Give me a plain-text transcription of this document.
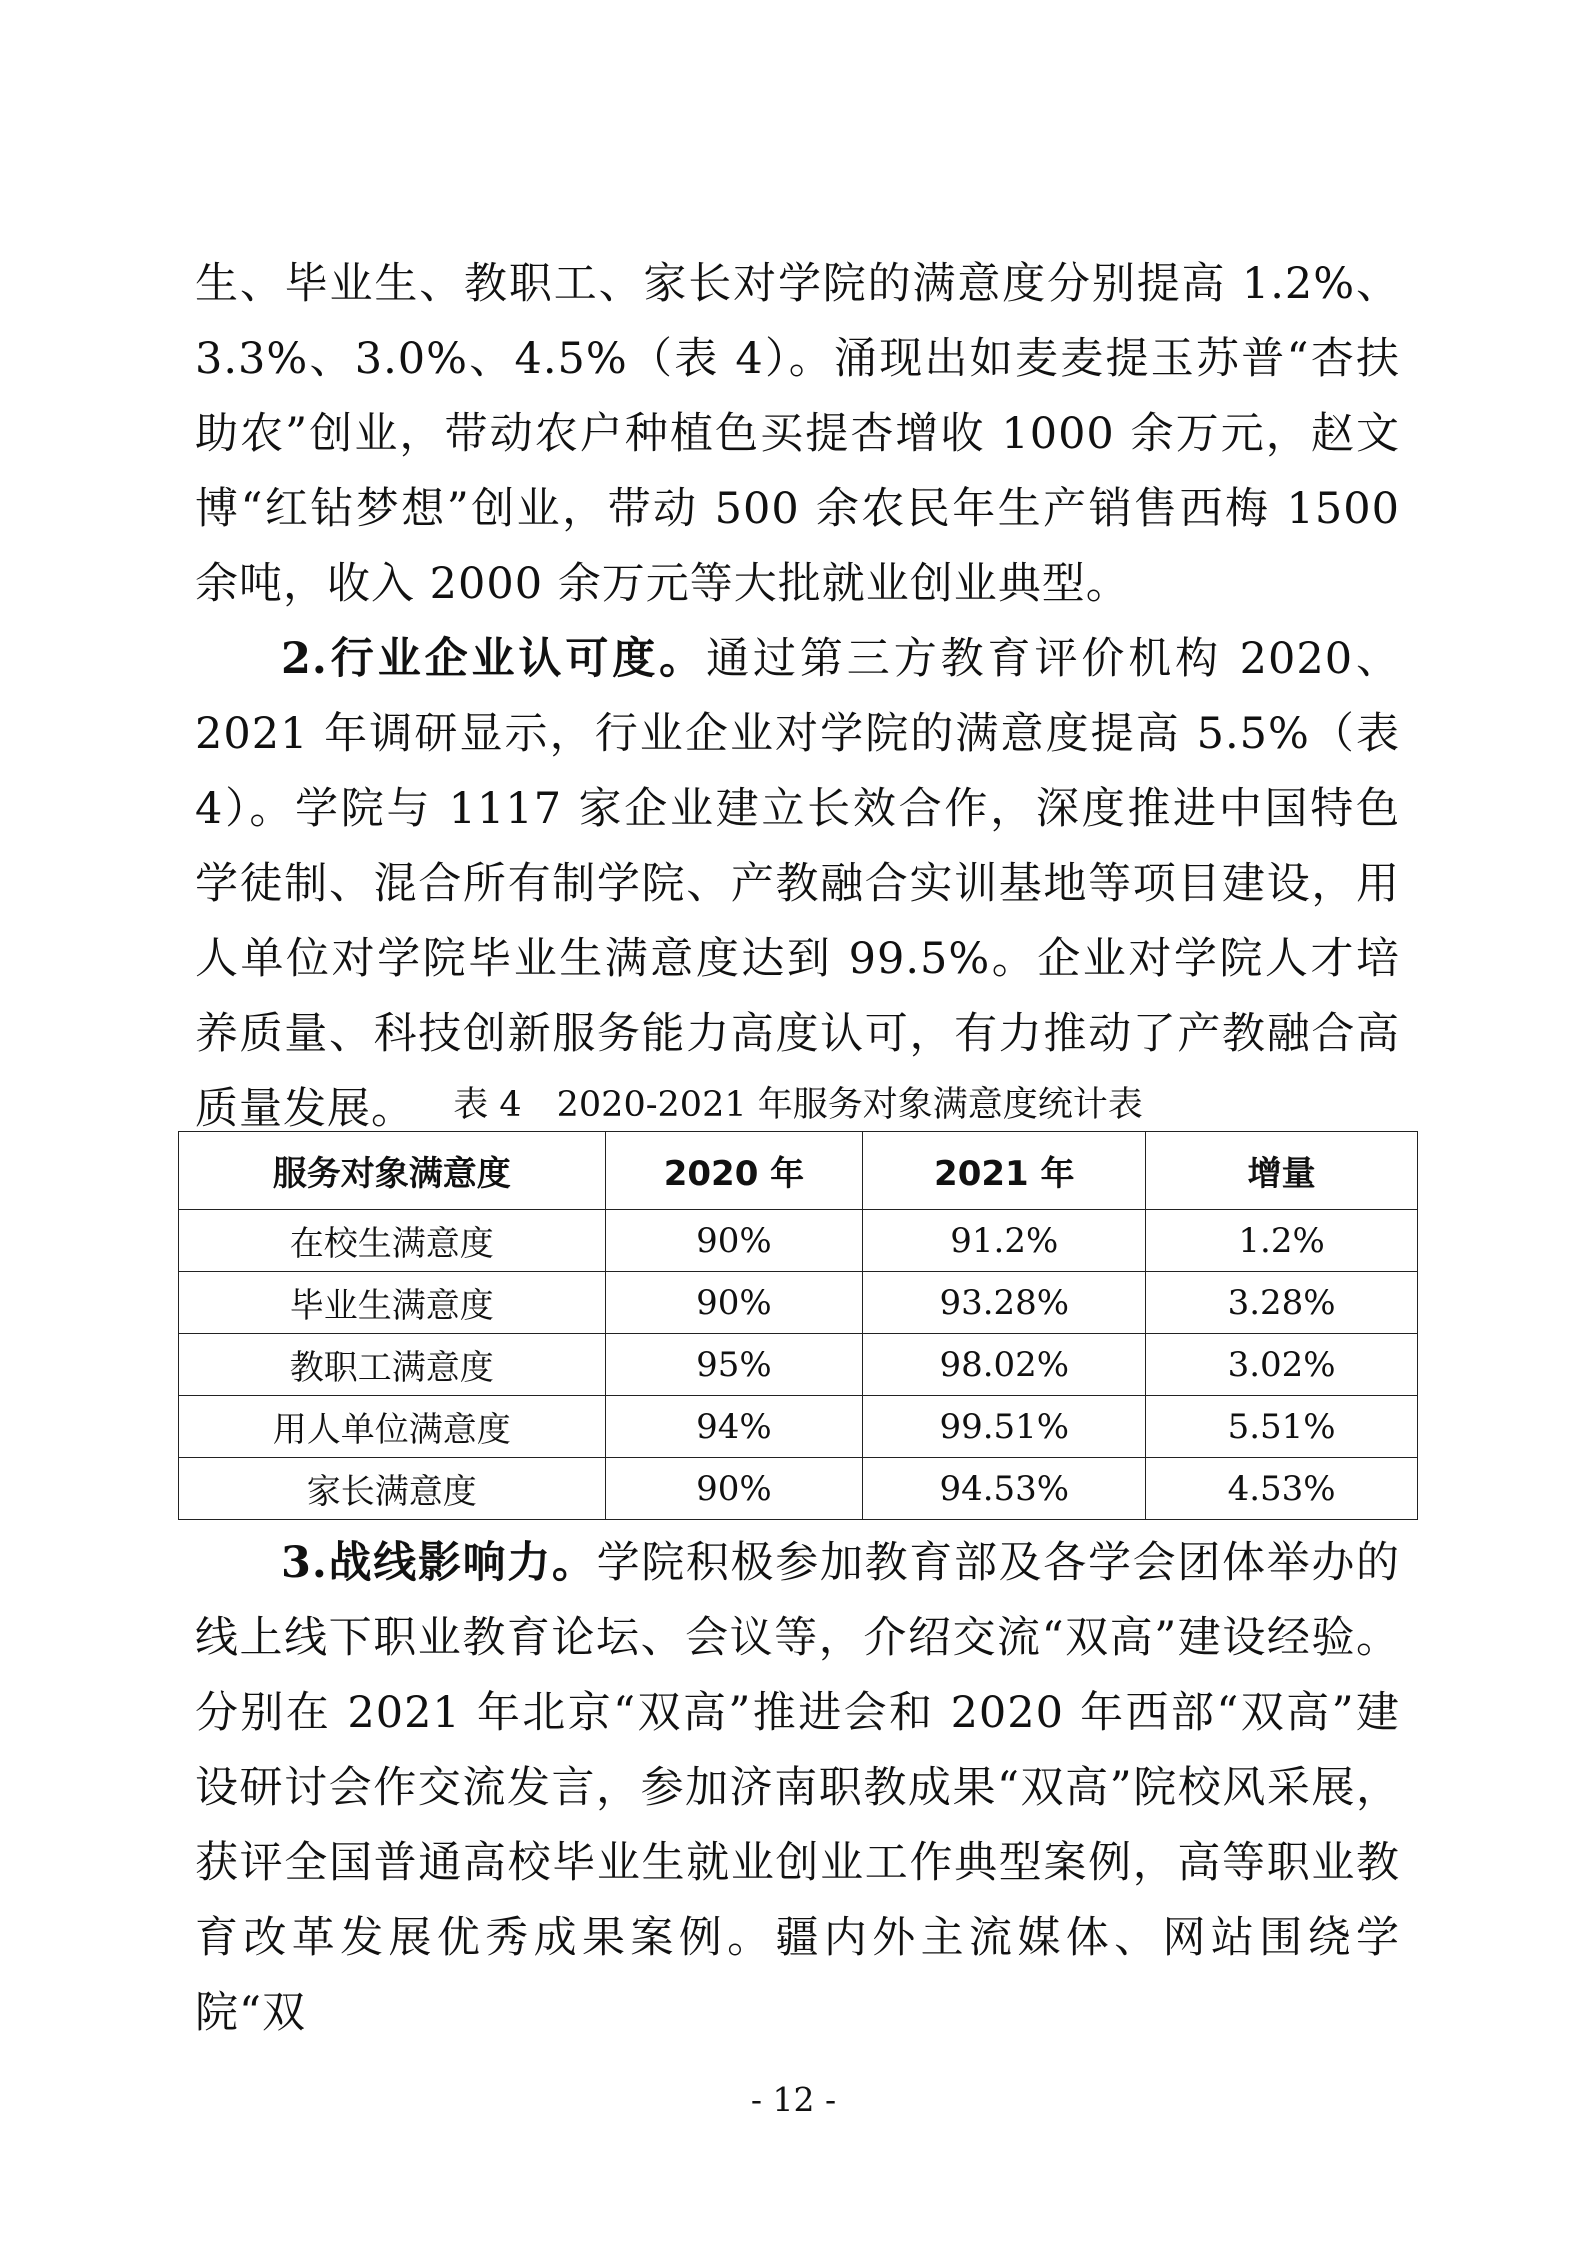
生、毕业生、教职工、家长对学院的满意度分别提高 1.2%、3.3%、3.0%、4.5%（表 4）。涌现出如麦麦提玉苏普“杏扶助农”创业，带动农户种植色买提杏增收 1000 余万元，赵文博“红钻梦想”创业，带动 500 余农民年生产销售西梅 1500 余吨，收入 2000 余万元等大批就业创业典型。

2.行业企业认可度。通过第三方教育评价机构 2020、2021 年调研显示，行业企业对学院的满意度提高 5.5%（表 4）。学院与 1117 家企业建立长效合作，深度推进中国特色学徒制、混合所有制学院、产教融合实训基地等项目建设，用人单位对学院毕业生满意度达到 99.5%。企业对学院人才培养质量、科技创新服务能力高度认可，有力推动了产教融合高质量发展。	表 4　2020-2021 年服务对象满意度统计表

服务对象满意度	2020 年	2021 年	增量
在校生满意度	90%	91.2%	1.2%
毕业生满意度	90%	93.28%	3.28%
教职工满意度	95%	98.02%	3.02%
用人单位满意度	94%	99.51%	5.51%
家长满意度	90%	94.53%	4.53%

3.战线影响力。学院积极参加教育部及各学会团体举办的线上线下职业教育论坛、会议等，介绍交流“双高”建设经验。分别在 2021 年北京“双高”推进会和 2020 年西部“双高”建设研讨会作交流发言，参加济南职教成果“双高”院校风采展，获评全国普通高校毕业生就业创业工作典型案例，高等职业教育改革发展优秀成果案例。疆内外主流媒体、网站围绕学院“双

- 12 -
